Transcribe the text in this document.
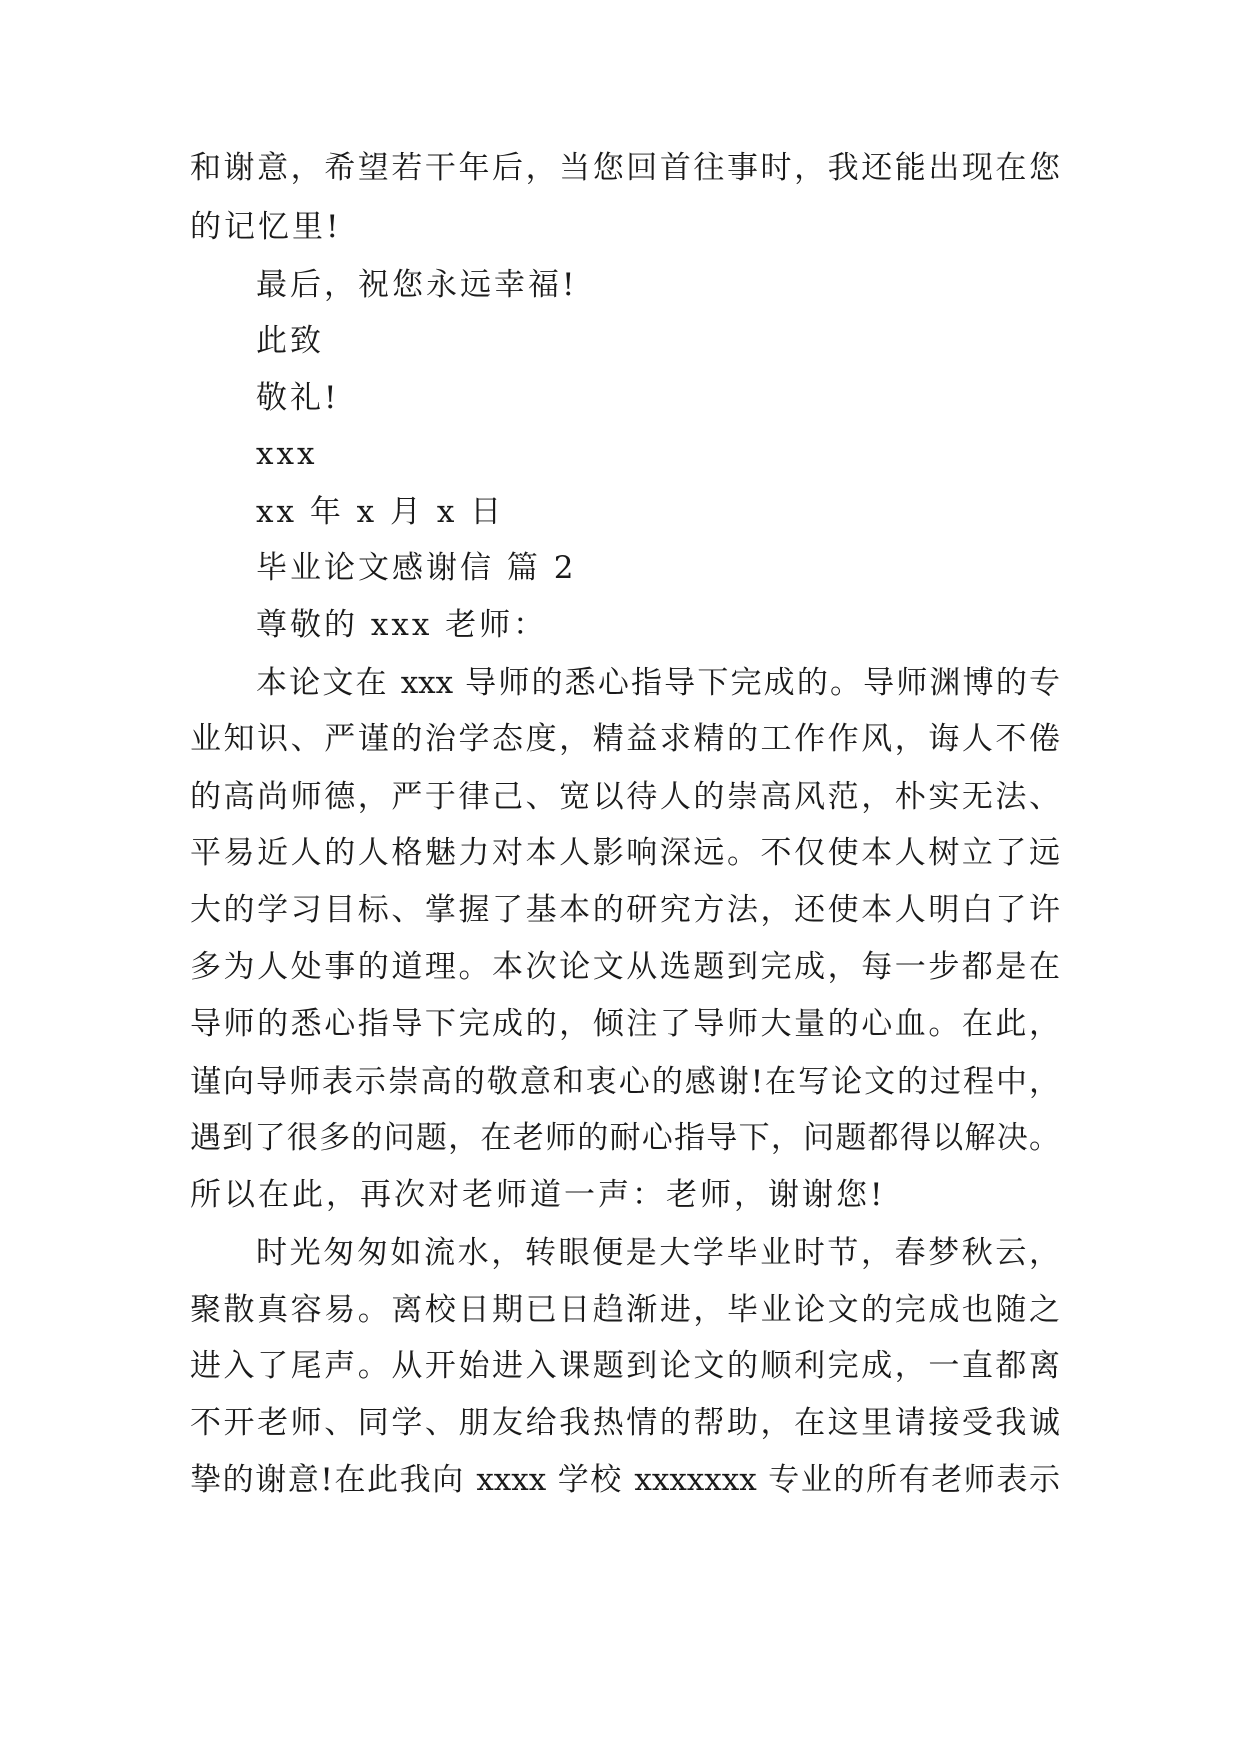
和谢意，希望若干年后，当您回首往事时，我还能出现在您
的记忆里!
最后，祝您永远幸福!
此致
敬礼!
xxx
xx 年 x 月 x 日
毕业论文感谢信 篇 2
尊敬的 xxx 老师：
本论文在 xxx 导师的悉心指导下完成的。导师渊博的专
业知识、严谨的治学态度，精益求精的工作作风，诲人不倦
的高尚师德，严于律己、宽以待人的崇高风范，朴实无法、
平易近人的人格魅力对本人影响深远。不仅使本人树立了远
大的学习目标、掌握了基本的研究方法，还使本人明白了许
多为人处事的道理。本次论文从选题到完成，每一步都是在
导师的悉心指导下完成的，倾注了导师大量的心血。在此，
谨向导师表示崇高的敬意和衷心的感谢!在写论文的过程中，
遇到了很多的问题，在老师的耐心指导下，问题都得以解决。
所以在此，再次对老师道一声：老师，谢谢您!
时光匆匆如流水，转眼便是大学毕业时节，春梦秋云，
聚散真容易。离校日期已日趋渐进，毕业论文的完成也随之
进入了尾声。从开始进入课题到论文的顺利完成，一直都离
不开老师、同学、朋友给我热情的帮助，在这里请接受我诚
挚的谢意!在此我向 xxxx 学校 xxxxxxx 专业的所有老师表示
